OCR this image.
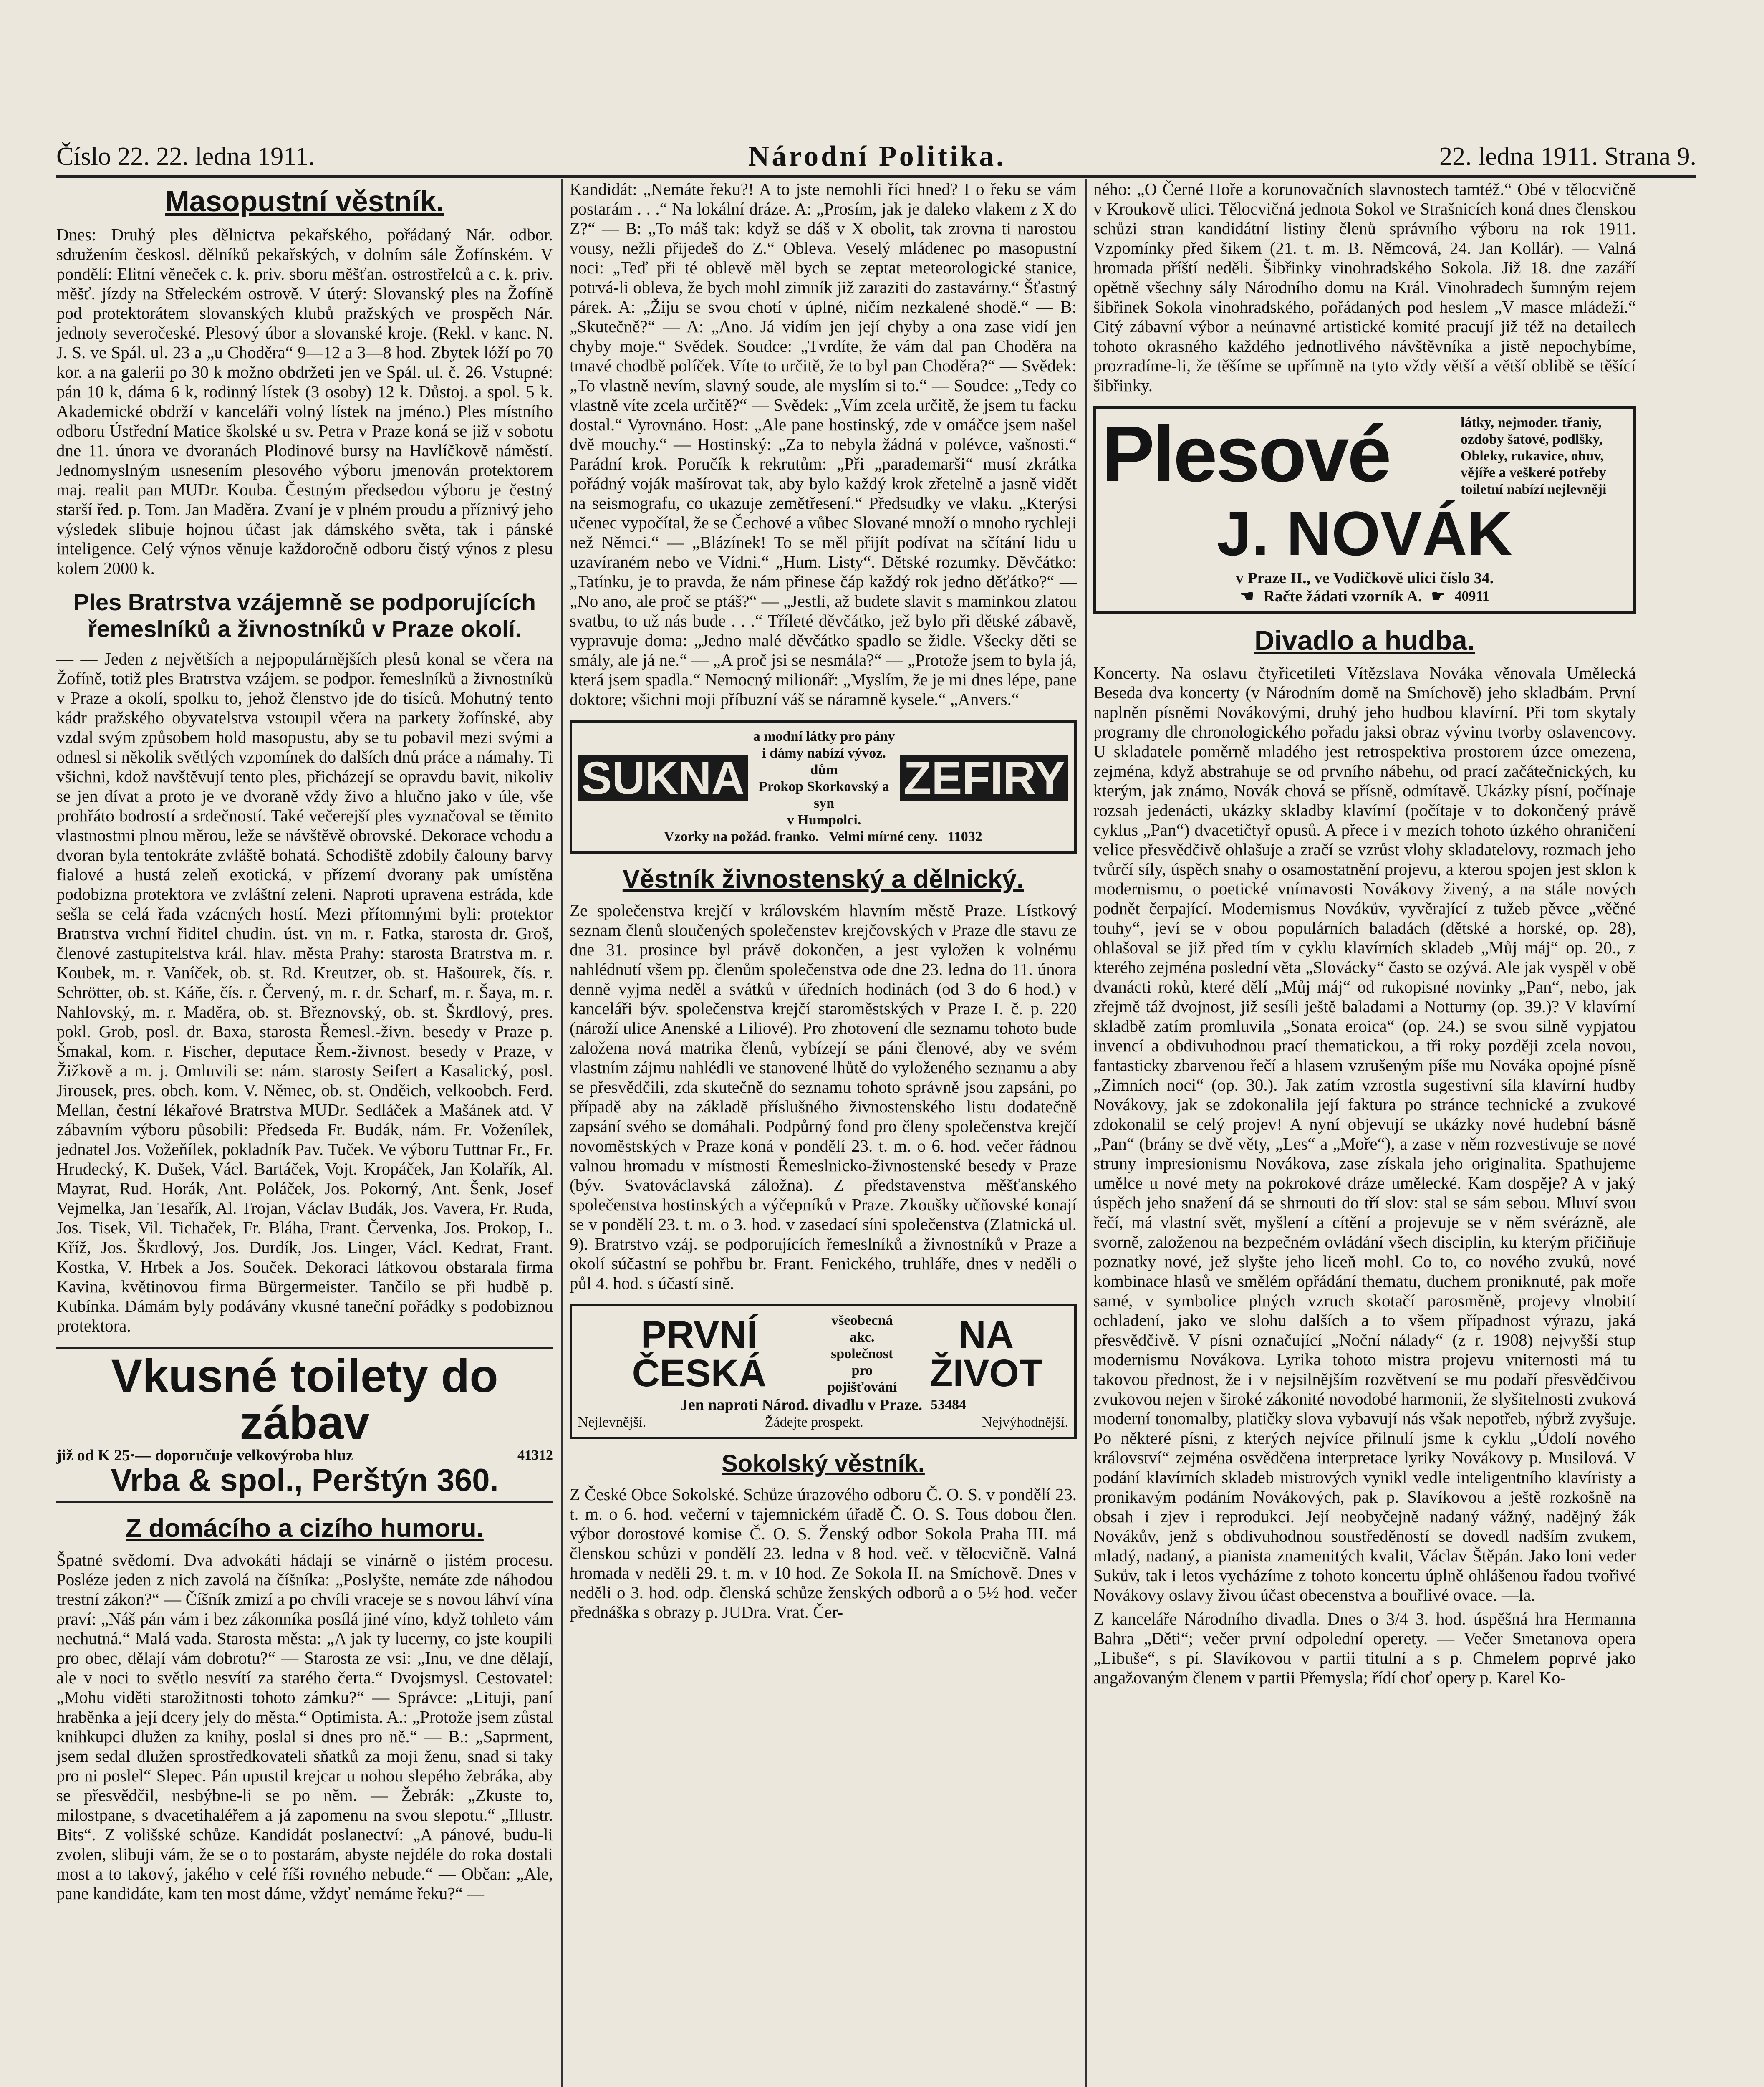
Číslo 22. 22. ledna 1911.	Národní Politika.	22. ledna 1911. Strana 9.
Masopustní věstník.

Dnes: Druhý ples dělnictva pekařského, pořádaný Nár. odbor. sdružením českosl. dělníků pekařských, v dolním sále Žofínském. V pondělí: Elitní věneček c. k. priv. sboru měšťan. ostrostřelců a c. k. priv. měšť. jízdy na Střeleckém ostrově. V úterý: Slovanský ples na Žofíně pod protektorátem slovanských klubů pražských ve prospěch Nár. jednoty severočeské. Plesový úbor a slovanské kroje. (Rekl. v kanc. N. J. S. ve Spál. ul. 23 a „u Choděra“ 9—12 a 3—8 hod. Zbytek lóží po 70 kor. a na galerii po 30 k možno obdržeti jen ve Spál. ul. č. 26. Vstupné: pán 10 k, dáma 6 k, rodinný lístek (3 osoby) 12 k. Důstoj. a spol. 5 k. Akademické obdrží v kanceláři volný lístek na jméno.) Ples místního odboru Ústřední Matice školské u sv. Petra v Praze koná se již v sobotu dne 11. února ve dvoranách Plodinové bursy na Havlíčkově náměstí. Jednomyslným usnesením plesového výboru jmenován protektorem maj. realit pan MUDr. Kouba. Čestným předsedou výboru je čestný starší řed. p. Tom. Jan Maděra. Zvaní je v plném proudu a příznivý jeho výsledek slibuje hojnou účast jak dámského světa, tak i pánské inteligence. Celý výnos věnuje každoročně odboru čistý výnos z plesu kolem 2000 k.

Ples Bratrstva vzájemně se podporujících řemeslníků a živnostníků v Praze okolí.

— — Jeden z největších a nejpopulárnějších plesů konal se včera na Žofíně, totiž ples Bratrstva vzájem. se podpor. řemeslníků a živnostníků v Praze a okolí, spolku to, jehož členstvo jde do tisíců. Mohutný tento kádr pražského obyvatelstva vstoupil včera na parkety žofínské, aby vzdal svým způsobem hold masopustu, aby se tu pobavil mezi svými a odnesl si několik světlých vzpomínek do dalších dnů práce a námahy. Ti všichni, kdož navštěvují tento ples, přicházejí se opravdu bavit, nikoliv se jen dívat a proto je ve dvoraně vždy živo a hlučno jako v úle, vše prohřáto bodrostí a srdečností. Také večerejší ples vyznačoval se těmito vlastnostmi plnou měrou, leže se návštěvě obrovské. Dekorace vchodu a dvoran byla tentokráte zvláště bohatá. Schodiště zdobily čalouny barvy fialové a hustá zeleň exotická, v přízemí dvorany pak umístěna podobizna protektora ve zvláštní zeleni. Naproti upravena estráda, kde sešla se celá řada vzácných hostí. Mezi přítomnými byli: protektor Bratrstva vrchní řiditel chudin. úst. vn m. r. Fatka, starosta dr. Groš, členové zastupitelstva král. hlav. města Prahy: starosta Bratrstva m. r. Koubek, m. r. Vaníček, ob. st. Rd. Kreutzer, ob. st. Hašourek, čís. r. Schrötter, ob. st. Káňe, čís. r. Červený, m. r. dr. Scharf, m. r. Šaya, m. r. Nahlovský, m. r. Maděra, ob. st. Březnovský, ob. st. Škrdlový, pres. pokl. Grob, posl. dr. Baxa, starosta Řemesl.-živn. besedy v Praze p. Šmakal, kom. r. Fischer, deputace Řem.-živnost. besedy v Praze, v Žižkově a m. j. Omluvili se: nám. starosty Seifert a Kasalický, posl. Jirousek, pres. obch. kom. V. Němec, ob. st. Onděich, velkoobch. Ferd. Mellan, čestní lékařové Bratrstva MUDr. Sedláček a Mašánek atd. V zábavním výboru působili: Předseda Fr. Budák, nám. Fr. Voženílek, jednatel Jos. Vožeňílek, pokladník Pav. Tuček. Ve výboru Tuttnar Fr., Fr. Hrudecký, K. Dušek, Václ. Bartáček, Vojt. Kropáček, Jan Kolařík, Al. Mayrat, Rud. Horák, Ant. Poláček, Jos. Pokorný, Ant. Šenk, Josef Vejmelka, Jan Tesařík, Al. Trojan, Václav Budák, Jos. Vavera, Fr. Ruda, Jos. Tisek, Vil. Tichaček, Fr. Bláha, Frant. Červenka, Jos. Prokop, L. Kříž, Jos. Škrdlový, Jos. Durdík, Jos. Linger, Václ. Kedrat, Frant. Kostka, V. Hrbek a Jos. Souček. Dekoraci látkovou obstarala firma Kavina, květinovou firma Bürgermeister. Tančilo se při hudbě p. Kubínka. Dámám byly podávány vkusné taneční pořádky s podobiznou protektora.

Vkusné toilety do zábav
již od K 25·— doporučuje velkovýroba hluz	41312
Vrba & spol., Perštýn 360.
Z domácího a cizího humoru.

Špatné svědomí. Dva advokáti hádají se vinárně o jistém procesu. Posléze jeden z nich zavolá na číšníka: „Poslyšte, nemáte zde náhodou trestní zákon?“ — Číšník zmizí a po chvíli vraceje se s novou láhví vína praví: „Náš pán vám i bez zákonníka posílá jiné víno, když tohleto vám nechutná.“ Malá vada. Starosta města: „A jak ty lucerny, co jste koupili pro obec, dělají vám dobrotu?“ — Starosta ze vsi: „Inu, ve dne dělají, ale v noci to světlo nesvítí za starého čerta.“ Dvojsmysl. Cestovatel: „Mohu viděti starožitnosti tohoto zámku?“ — Správce: „Lituji, paní hraběnka a její dcery jely do města.“ Optimista. A.: „Protože jsem zůstal knihkupci dlužen za knihy, poslal si dnes pro ně.“ — B.: „Saprment, jsem sedal dlužen sprostředkovateli sňatků za moji ženu, snad si taky pro ni poslel“ Slepec. Pán upustil krejcar u nohou slepého žebráka, aby se přesvědčil, nesbýbne-li se po něm. — Žebrák: „Zkuste to, milostpane, s dvacetihaléřem a já zapomenu na svou slepotu.“ „Illustr. Bits“. Z volišské schůze. Kandidát poslanectví: „A pánové, budu-li zvolen, slibuji vám, že se o to postarám, abyste nejdéle do roka dostali most a to takový, jakého v celé říši rovného nebude.“ — Občan: „Ale, pane kandidáte, kam ten most dáme, vždyť nemáme řeku?“ —

Kandidát: „Nemáte řeku?! A to jste nemohli říci hned? I o řeku se vám postarám . . .“ Na lokální dráze. A: „Prosím, jak je daleko vlakem z X do Z?“ — B: „To máš tak: když se dáš v X obolit, tak zrovna ti narostou vousy, nežli přijedeš do Z.“ Obleva. Veselý mládenec po masopustní noci: „Teď při té oblevě měl bych se zeptat meteorologické stanice, potrvá-li obleva, že bych mohl zimník již zaraziti do zastavárny.“ Šťastný párek. A: „Žiju se svou chotí v úplné, ničím nezkalené shodě.“ — B: „Skutečně?“ — A: „Ano. Já vidím jen její chyby a ona zase vidí jen chyby moje.“ Svědek. Soudce: „Tvrdíte, že vám dal pan Choděra na tmavé chodbě políček. Víte to určitě, že to byl pan Choděra?“ — Svědek: „To vlastně nevím, slavný soude, ale myslím si to.“ — Soudce: „Tedy co vlastně víte zcela určitě?“ — Svědek: „Vím zcela určitě, že jsem tu facku dostal.“ Vyrovnáno. Host: „Ale pane hostinský, zde v omáčce jsem našel dvě mouchy.“ — Hostinský: „Za to nebyla žádná v polévce, vašnosti.“ Parádní krok. Poručík k rekrutům: „Při „parademarši“ musí zkrátka pořádný voják mašírovat tak, aby bylo každý krok zřetelně a jasně vidět na seismografu, co ukazuje zemětřesení.“ Předsudky ve vlaku. „Kterýsi učenec vypočítal, že se Čechové a vůbec Slované množí o mnoho rychleji než Němci.“ — „Blázínek! To se měl přijít podívat na sčítání lidu u uzavíraném nebo ve Vídni.“ „Hum. Listy“. Dětské rozumky. Děvčátko: „Tatínku, je to pravda, že nám přinese čáp každý rok jedno děťátko?“ — „No ano, ale proč se ptáš?“ — „Jestli, až budete slavit s maminkou zlatou svatbu, to už nás bude . . .“ Tříleté děvčátko, jež bylo při dětské zábavě, vypravuje doma: „Jedno malé děvčátko spadlo se židle. Všecky děti se smály, ale já ne.“ — „A proč jsi se nesmála?“ — „Protože jsem to byla já, která jsem spadla.“ Nemocný milionář: „Myslím, že je mi dnes lépe, pane doktore; všichni moji příbuzní váš se náramně kysele.“ „Anvers.“

SUKNA
a modní látky pro pány
i dámy nabízí vývoz. dům
Prokop Skorkovský a syn
v Humpolci.
ZEFIRY
Vzorky na požád. franko. Velmi mírné ceny. 11032
Věstník živnostenský a dělnický.

Ze společenstva krejčí v královském hlavním městě Praze. Lístkový seznam členů sloučených společenstev krejčovských v Praze dle stavu ze dne 31. prosince byl právě dokončen, a jest vyložen k volnému nahlédnutí všem pp. členům společenstva ode dne 23. ledna do 11. února denně vyjma neděl a svátků v úředních hodinách (od 3 do 6 hod.) v kanceláři býv. společenstva krejčí staroměstských v Praze I. č. p. 220 (nároží ulice Anenské a Liliové). Pro zhotovení dle seznamu tohoto bude založena nová matrika členů, vybízejí se páni členové, aby ve svém vlastním zájmu nahlédli ve stanovené lhůtě do vyloženého seznamu a aby se přesvědčili, zda skutečně do seznamu tohoto správně jsou zapsáni, po případě aby na základě příslušného živnostenského listu dodatečně zapsání svého se domáhali. Podpůrný fond pro členy společenstva krejčí novoměstských v Praze koná v pondělí 23. t. m. o 6. hod. večer řádnou valnou hromadu v místnosti Řemeslnicko-živnostenské besedy v Praze (býv. Svatováclavská záložna). Z představenstva měšťanského společenstva hostinských a výčepníků v Praze. Zkoušky učňovské konají se v pondělí 23. t. m. o 3. hod. v zasedací síni společenstva (Zlatnická ul. 9). Bratrstvo vzáj. se podporujících řemeslníků a živnostníků v Praze a okolí súčastní se pohřbu br. Frant. Fenického, truhláře, dnes v neděli o půl 4. hod. s účastí sině.

PRVNÍ ČESKÁ
všeobecná akc.
společnost
pro
pojišťování
NA ŽIVOT
Jen naproti Národ. divadlu v Praze. 53484
Nejlevnější.	Žádejte prospekt.	Nejvýhodnější.
Sokolský věstník.

Z České Obce Sokolské. Schůze úrazového odboru Č. O. S. v pondělí 23. t. m. o 6. hod. večerní v tajemnickém úřadě Č. O. S. Tous dobou člen. výbor dorostové komise Č. O. S. Ženský odbor Sokola Praha III. má členskou schůzi v pondělí 23. ledna v 8 hod. več. v tělocvičně. Valná hromada v neděli 29. t. m. v 10 hod. Ze Sokola II. na Smíchově. Dnes v neděli o 3. hod. odp. členská schůze ženských odborů a o 5½ hod. večer přednáška s obrazy p. JUDra. Vrat. Čer-

ného: „O Černé Hoře a korunovačních slavnostech tamtéž.“ Obé v tělocvičně v Kroukově ulici. Tělocvičná jednota Sokol ve Strašnicích koná dnes členskou schůzi stran kandidátní listiny členů správního výboru na rok 1911. Vzpomínky před šikem (21. t. m. B. Němcová, 24. Jan Kollár). — Valná hromada příští neděli. Šibřinky vinohradského Sokola. Již 18. dne zazáří opětně všechny sály Národního domu na Král. Vinohradech šumným rejem šibřinek Sokola vinohradského, pořádaných pod heslem „V masce mládeží.“ Citý zábavní výbor a neúnavné artistické komité pracují již též na detailech tohoto okrasného každého jednotlivého návštěvníka a jistě nepochybíme, prozradíme-li, že těšíme se upřímně na tyto vždy větší a větší oblibě se těšící šibřinky.

Plesové	látky, nejmoder. třaniy, ozdoby šatové, podlšky, Obleky, rukavice, obuv, vějíře a veškeré potřeby toiletní nabízí nejlevněji
J. NOVÁK
v Praze II., ve Vodičkově ulici číslo 34.
☛ Račte žádati vzorník A. ☛ 40911
Divadlo a hudba.

Koncerty. Na oslavu čtyřicetileti Vítězslava Nováka věnovala Umělecká Beseda dva koncerty (v Národním domě na Smíchově) jeho skladbám. První naplněn písněmi Novákovými, druhý jeho hudbou klavírní. Při tom skytaly programy dle chronologického pořadu jaksi obraz vývinu tvorby oslavencovy. U skladatele poměrně mladého jest retrospektiva prostorem úzce omezena, zejména, když abstrahuje se od prvního nábehu, od prací začátečnických, ku kterým, jak známo, Novák chová se přísně, odmítavě. Ukázky písní, počínaje rozsah jedenácti, ukázky skladby klavírní (počítaje v to dokončený právě cyklus „Pan“) dvacetičtyř opusů. A přece i v mezích tohoto úzkého ohraničení velice přesvědčivě ohlašuje a zračí se vzrůst vlohy skladatelovy, rozmach jeho tvůrčí síly, úspěch snahy o osamostatnění projevu, a kterou spojen jest sklon k modernismu, o poetické vnímavosti Novákovy živený, a na stále nových podnět čerpající. Modernismus Novákův, vyvěrající z tužeb pěvce „věčné touhy“, jeví se v obou populárních baladách (dětské a horské, op. 28), ohlašoval se již před tím v cyklu klavírních skladeb „Můj máj“ op. 20., z kterého zejména poslední věta „Slovácky“ často se ozývá. Ale jak vyspěl v obě dvanácti roků, které dělí „Můj máj“ od rukopisné novinky „Pan“, nebo, jak zřejmě táž dvojnost, již sesíli ještě baladami a Notturny (op. 39.)? V klavírní skladbě zatím promluvila „Sonata eroica“ (op. 24.) se svou silně vypjatou invencí a obdivuhodnou prací thematickou, a tři roky později zcela novou, fantasticky zbarvenou řečí a hlasem vzrušeným píše mu Nováka opojné písně „Zimních noci“ (op. 30.). Jak zatím vzrostla sugestivní síla klavírní hudby Novákovy, jak se zdokonalila její faktura po stránce technické a zvukové zdokonalil se celý projev! A nyní objevují se ukázky nové hudební básně „Pan“ (brány se dvě věty, „Les“ a „Moře“), a zase v něm rozvestivuje se nové struny impresionismu Novákova, zase získala jeho originalita. Spathujeme umělce u nové mety na pokrokové dráze umělecké. Kam dospěje? A v jaký úspěch jeho snažení dá se shrnouti do tří slov: stal se sám sebou. Mluví svou řečí, má vlastní svět, myšlení a cítění a projevuje se v něm svérázně, ale svorně, založenou na bezpečném ovládání všech disciplin, ku kterým přičiňuje poznatky nové, jež slyšte jeho liceň mohl. Co to, co nového zvuků, nové kombinace hlasů ve smělém opřádání thematu, duchem proniknuté, pak moře samé, v symbolice plných vzruch skotačí parosměně, projevy vlnobití ochladení, jako ve slohu dalších a to všem případnost výrazu, jaká přesvědčivě. V písni označující „Noční nálady“ (z r. 1908) nejvyšší stup modernismu Novákova. Lyrika tohoto mistra projevu vniternosti má tu takovou přednost, že i v nejsilnějším rozvětvení se mu podaří přesvědčivou zvukovou nejen v široké zákonité novodobé harmonii, že slyšitelnosti zvuková moderní tonomalby, platičky slova vybavují nás však nepotřeb, nýbrž zvyšuje. Po některé písni, z kterých nejvíce přilnulí jsme k cyklu „Údolí nového království“ zejména osvědčena interpretace lyriky Novákovy p. Musilová. V podání klavírních skladeb mistrových vynikl vedle inteligentního klavíristy a pronikavým podáním Novákových, pak p. Slavíkovou a ještě rozkošně na obsah i zjev i reprodukci. Její neobyčejně nadaný vážný, nadějný žák Novákův, jenž s obdivuhodnou soustředěností se dovedl nadším zvukem, mladý, nadaný, a pianista znamenitých kvalit, Václav Štěpán. Jako loni veder Sukův, tak i letos vycházíme z tohoto koncertu úplně ohlášenou řadou tvořivé Novákovy oslavy živou účast obecenstva a bouřlivé ovace. —la.

Z kanceláře Národního divadla. Dnes o 3/4 3. hod. úspěšná hra Hermanna Bahra „Děti“; večer první odpolední operety. — Večer Smetanova opera „Libuše“, s pí. Slavíkovou v partii titulní a s p. Chmelem poprvé jako angažovaným členem v partii Přemysla; řídí choť opery p. Karel Ko-
